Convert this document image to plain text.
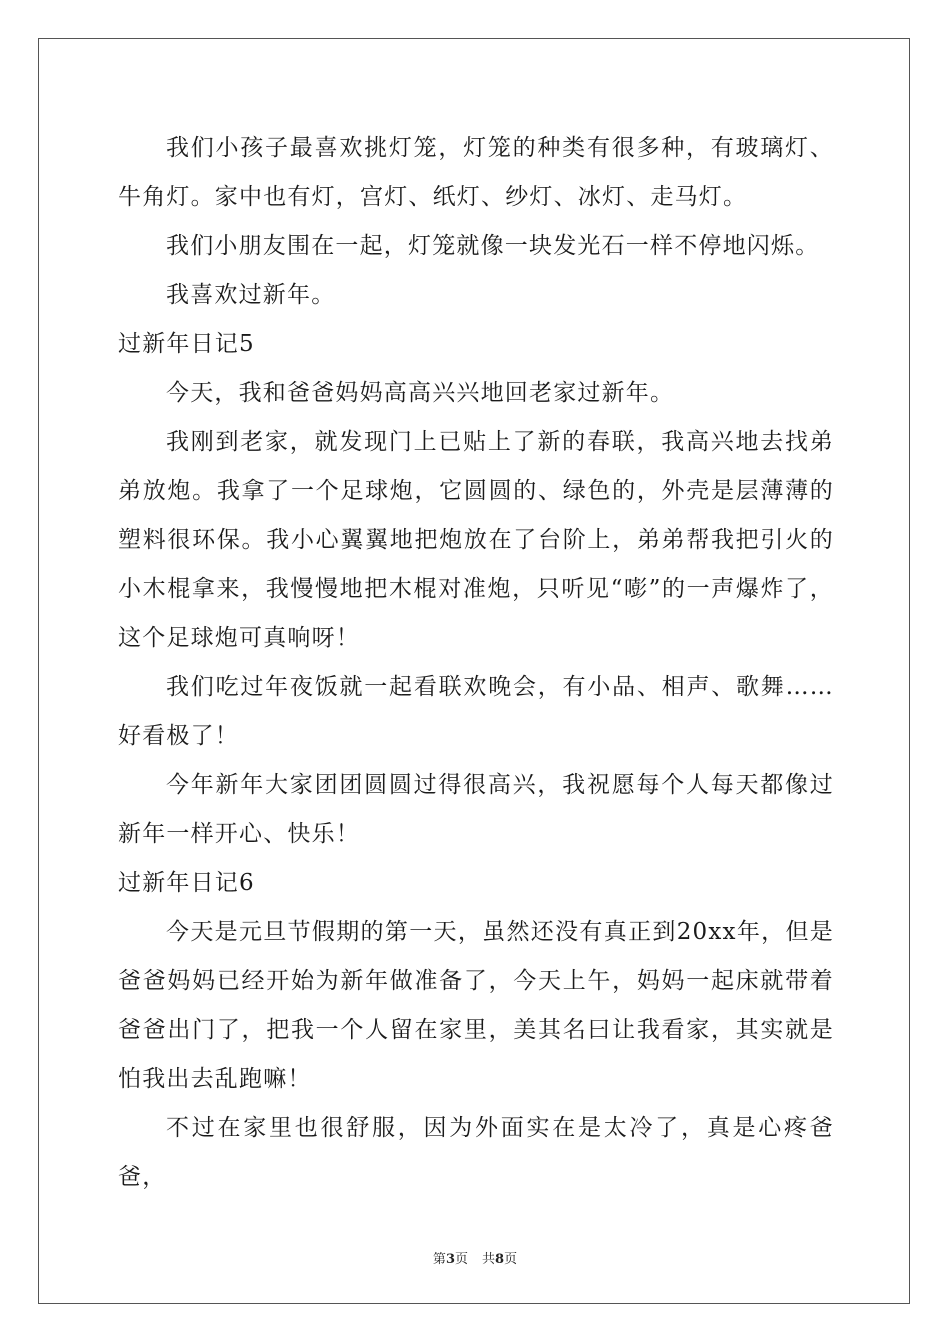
我们小孩子最喜欢挑灯笼，灯笼的种类有很多种，有玻璃灯、牛角灯。家中也有灯，宫灯、纸灯、纱灯、冰灯、走马灯。

我们小朋友围在一起，灯笼就像一块发光石一样不停地闪烁。

我喜欢过新年。

过新年日记5

今天，我和爸爸妈妈高高兴兴地回老家过新年。

我刚到老家，就发现门上已贴上了新的春联，我高兴地去找弟弟放炮。我拿了一个足球炮，它圆圆的、绿色的，外壳是层薄薄的塑料很环保。我小心翼翼地把炮放在了台阶上，弟弟帮我把引火的小木棍拿来，我慢慢地把木棍对准炮，只听见“嘭”的一声爆炸了，这个足球炮可真响呀！

我们吃过年夜饭就一起看联欢晚会，有小品、相声、歌舞……好看极了！

今年新年大家团团圆圆过得很高兴，我祝愿每个人每天都像过新年一样开心、快乐！

过新年日记6

今天是元旦节假期的第一天，虽然还没有真正到20xx年，但是爸爸妈妈已经开始为新年做准备了，今天上午，妈妈一起床就带着爸爸出门了，把我一个人留在家里，美其名曰让我看家，其实就是怕我出去乱跑嘛！

不过在家里也很舒服，因为外面实在是太冷了，真是心疼爸爸，

第3页 共8页
